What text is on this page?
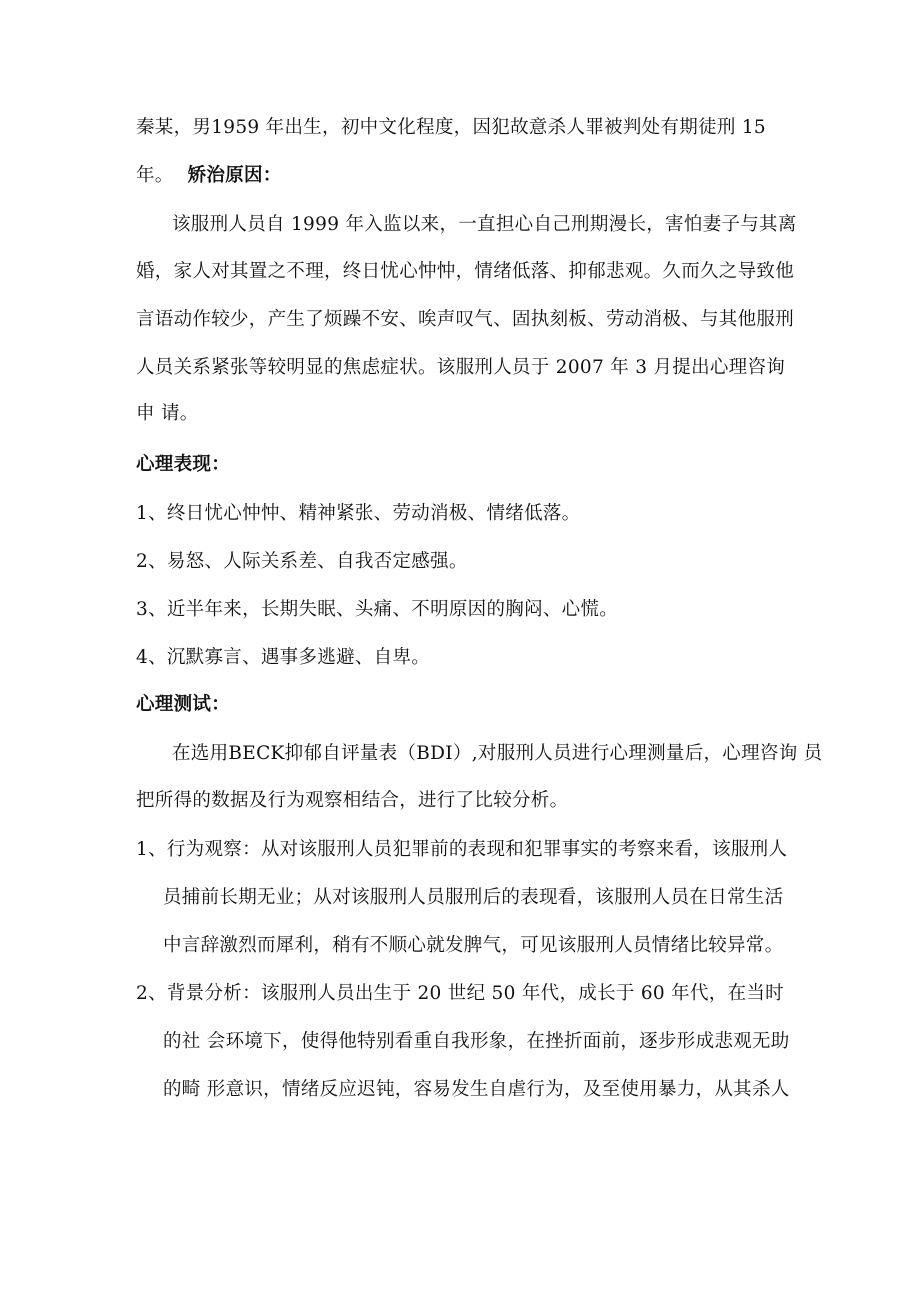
秦某，男1959 年出生，初中文化程度，因犯故意杀人罪被判处有期徒刑 15
年。 矫治原因：
该服刑人员自 1999 年入监以来，一直担心自己刑期漫长，害怕妻子与其离
婚，家人对其置之不理，终日忧心忡忡，情绪低落、抑郁悲观。久而久之导致他
言语动作较少，产生了烦躁不安、唉声叹气、固执刻板、劳动消极、与其他服刑
人员关系紧张等较明显的焦虑症状。该服刑人员于 2007 年 3 月提出心理咨询
申 请。
心理表现：
1、终日忧心忡忡、精神紧张、劳动消极、情绪低落。
2、易怒、人际关系差、自我否定感强。
3、近半年来，长期失眠、头痛、不明原因的胸闷、心慌。
4、沉默寡言、遇事多逃避、自卑。
心理测试：
在选用BECK抑郁自评量表（BDI）,对服刑人员进行心理测量后，心理咨询 员
把所得的数据及行为观察相结合，进行了比较分析。
1、行为观察：从对该服刑人员犯罪前的表现和犯罪事实的考察来看，该服刑人
员捕前长期无业；从对该服刑人员服刑后的表现看，该服刑人员在日常生活
中言辞激烈而犀利，稍有不顺心就发脾气，可见该服刑人员情绪比较异常。
2、背景分析：该服刑人员出生于 20 世纪 50 年代，成长于 60 年代，在当时
的社 会环境下，使得他特别看重自我形象，在挫折面前，逐步形成悲观无助
的畸 形意识，情绪反应迟钝，容易发生自虐行为，及至使用暴力，从其杀人
